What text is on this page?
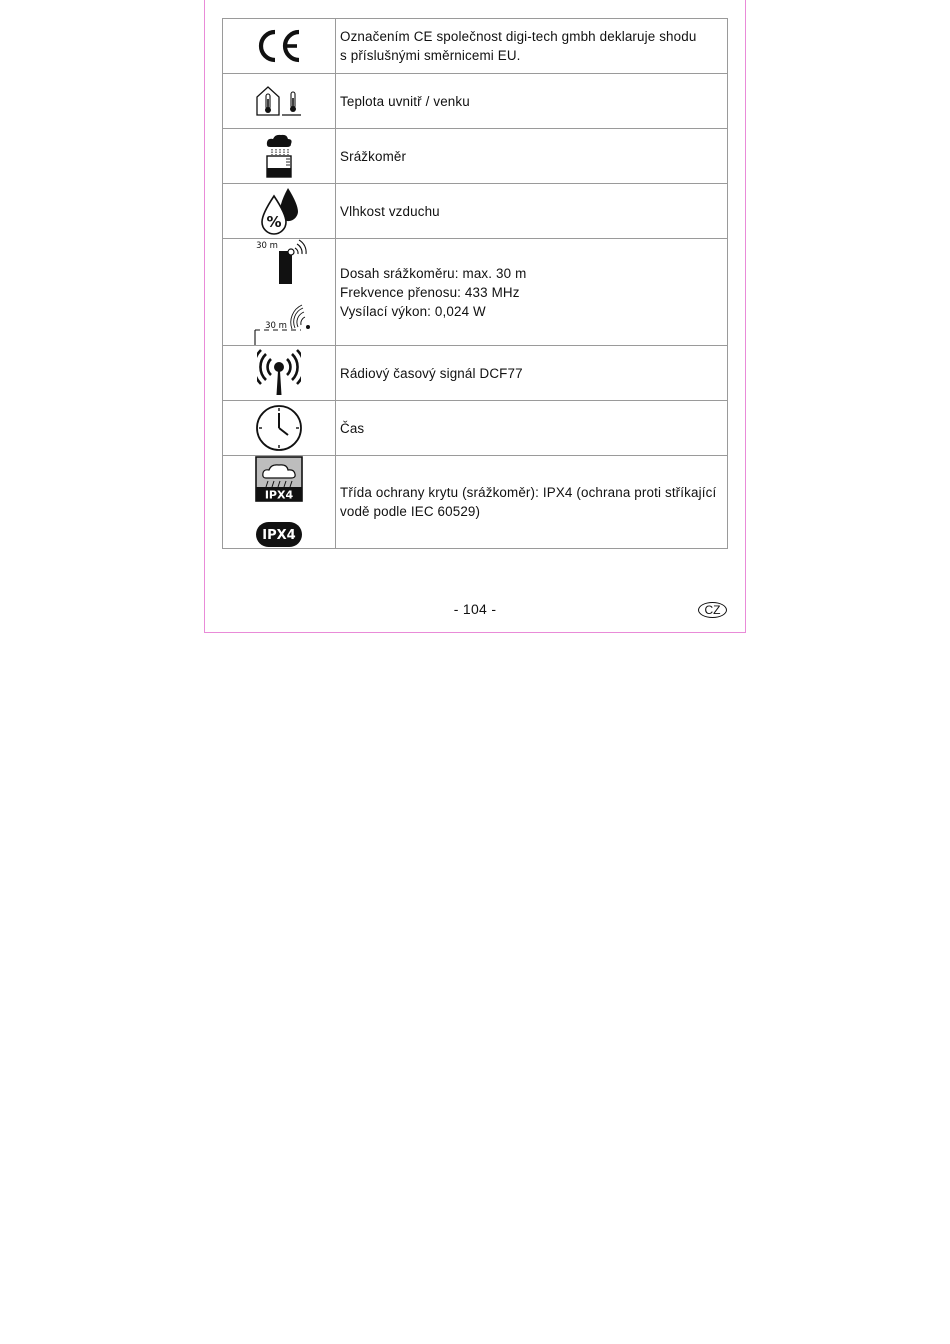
Označením CE společnost digi-tech gmbh deklaruje shodu
s příslušnými směrnicemi EU.

Teplota uvnitř / venku

Srážkoměr

%	Vlhkost vzduchu

30 m
30 m	Dosah srážkoměru: max. 30 m
Frekvence přenosu: 433 MHz
Vysílací výkon: 0,024 W

Rádiový časový signál DCF77

Čas

IPX4
IPX4	Třída ochrany krytu (srážkoměr): IPX4 (ochrana proti stříkající
vodě podle IEC 60529)
- 104 -	CZ
